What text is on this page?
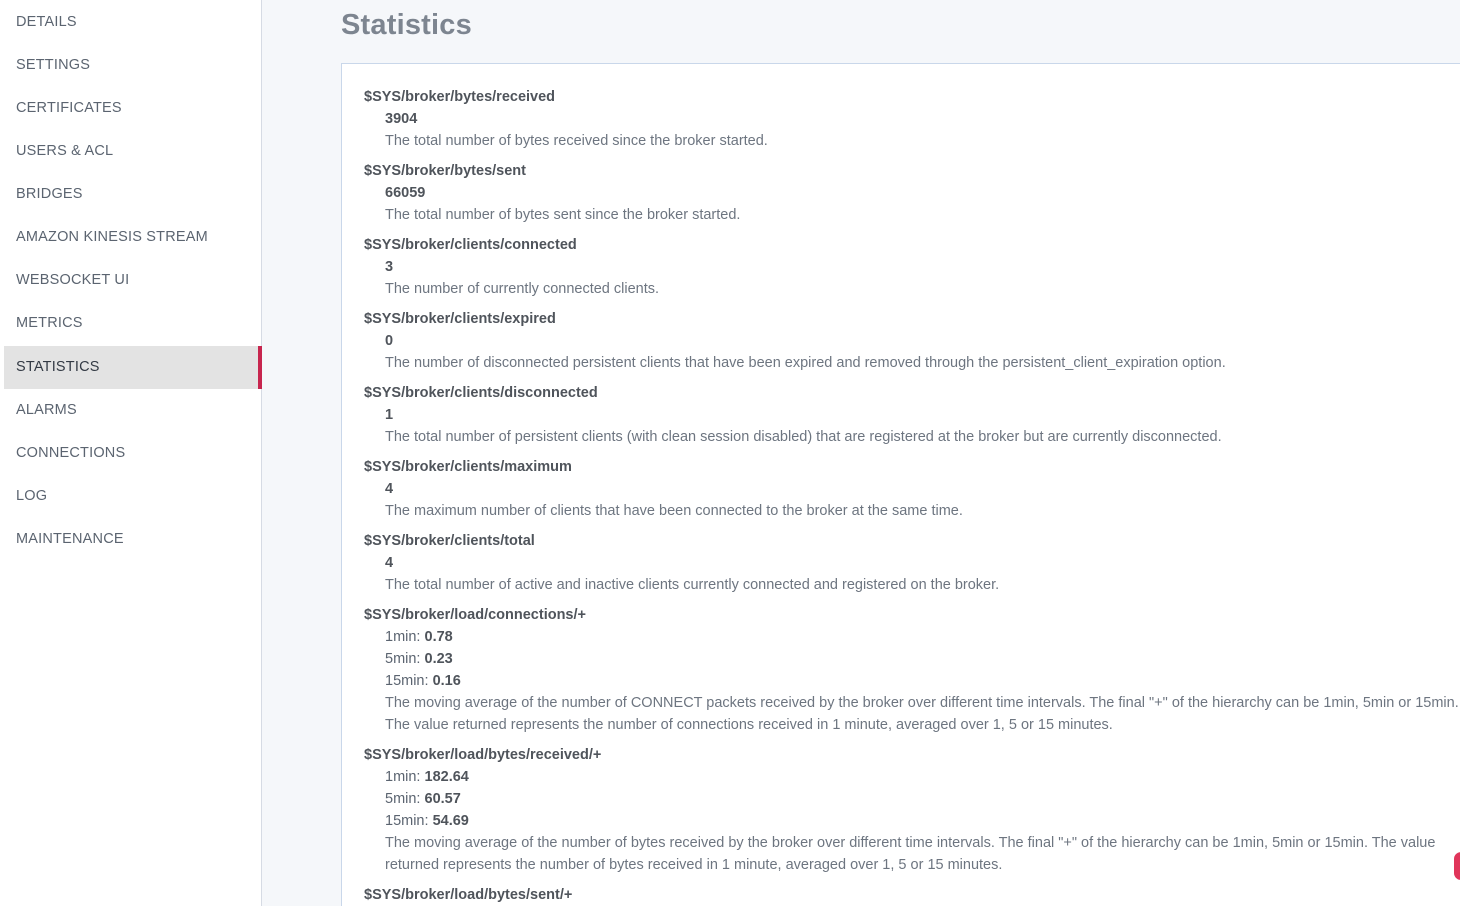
DETAILS
SETTINGS
CERTIFICATES
USERS & ACL
BRIDGES
AMAZON KINESIS STREAM
WEBSOCKET UI
METRICS
STATISTICS
ALARMS
CONNECTIONS
LOG
MAINTENANCE
Statistics
$SYS/broker/bytes/received
3904
The total number of bytes received since the broker started.
$SYS/broker/bytes/sent
66059
The total number of bytes sent since the broker started.
$SYS/broker/clients/connected
3
The number of currently connected clients.
$SYS/broker/clients/expired
0
The number of disconnected persistent clients that have been expired and removed through the persistent_client_expiration option.
$SYS/broker/clients/disconnected
1
The total number of persistent clients (with clean session disabled) that are registered at the broker but are currently disconnected.
$SYS/broker/clients/maximum
4
The maximum number of clients that have been connected to the broker at the same time.
$SYS/broker/clients/total
4
The total number of active and inactive clients currently connected and registered on the broker.
$SYS/broker/load/connections/+
1min: 0.78
5min: 0.23
15min: 0.16
The moving average of the number of CONNECT packets received by the broker over different time intervals. The final "+" of the hierarchy can be 1min, 5min or 15min. The value returned represents the number of connections received in 1 minute, averaged over 1, 5 or 15 minutes.
$SYS/broker/load/bytes/received/+
1min: 182.64
5min: 60.57
15min: 54.69
The moving average of the number of bytes received by the broker over different time intervals. The final "+" of the hierarchy can be 1min, 5min or 15min. The value returned represents the number of bytes received in 1 minute, averaged over 1, 5 or 15 minutes.
$SYS/broker/load/bytes/sent/+
